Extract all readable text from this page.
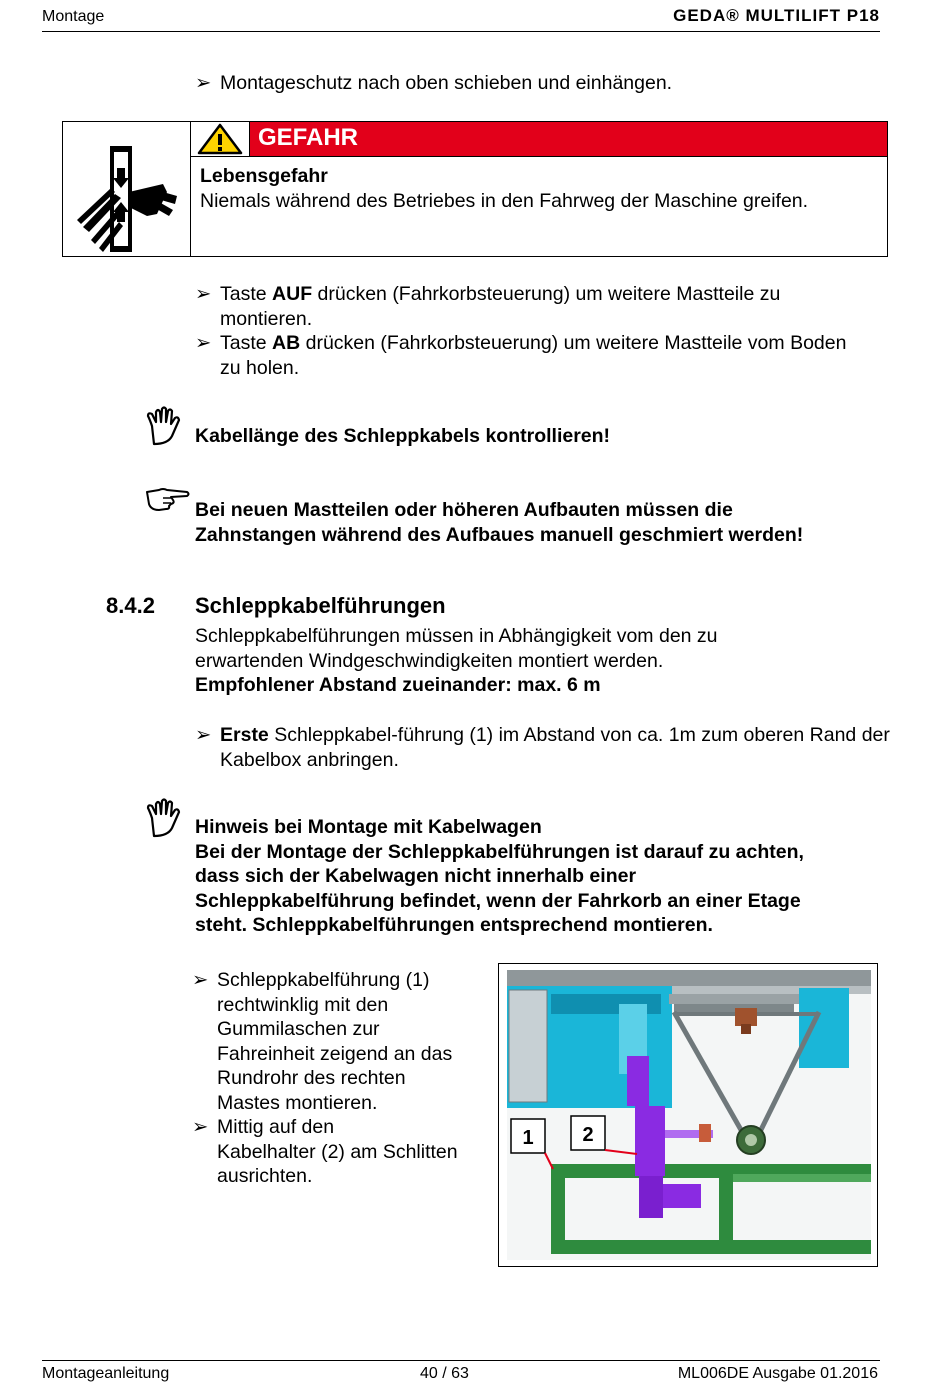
Montage	GEDA® MULTILIFT P18
➢ Montageschutz nach oben schieben und einhängen.
GEFAHR
Lebensgefahr
Niemals während des Betriebes in den Fahrweg der Maschine greifen.
➢ Taste AUF drücken (Fahrkorbsteuerung) um weitere Mastteile zu montieren.
➢ Taste AB drücken (Fahrkorbsteuerung) um weitere Mastteile vom Boden zu holen.
Kabellänge des Schleppkabels kontrollieren!
Bei neuen Mastteilen oder höheren Aufbauten müssen die
Zahnstangen während des Aufbaues manuell geschmiert werden!
8.4.2 Schleppkabelführungen
Schleppkabelführungen müssen in Abhängigkeit vom den zu
erwartenden Windgeschwindigkeiten montiert werden.
Empfohlener Abstand zueinander: max. 6 m
➢ Erste Schleppkabel-führung (1) im Abstand von ca. 1m zum oberen Rand der Kabelbox anbringen.
Hinweis bei Montage mit Kabelwagen
Bei der Montage der Schleppkabelführungen ist darauf zu achten,
dass sich der Kabelwagen nicht innerhalb einer
Schleppkabelführung befindet, wenn der Fahrkorb an einer Etage
steht. Schleppkabelführungen entsprechend montieren.
➢ Schleppkabelführung (1)
rechtwinklig mit den
Gummilaschen zur
Fahreinheit zeigend an das
Rundrohr des rechten
Mastes montieren.
➢ Mittig auf den
Kabelhalter (2) am Schlitten
ausrichten.
1 2
Montageanleitung	40 / 63	ML006DE Ausgabe 01.2016
